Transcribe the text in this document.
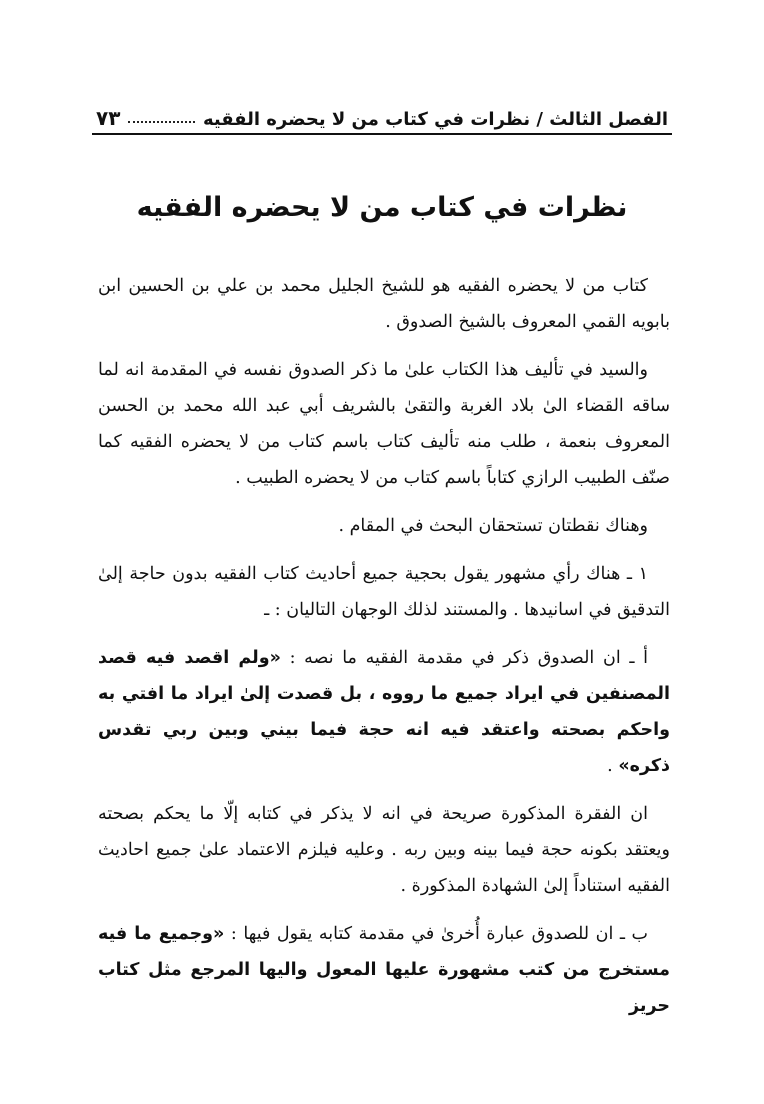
الفصل الثالث / نظرات في كتاب من لا يحضره الفقيه
٧٣
نظرات في كتاب من لا يحضره الفقيه

كتاب من لا يحضره الفقيه هو للشيخ الجليل محمد بن علي بن الحسين ابن بابويه القمي المعروف بالشيخ الصدوق .

والسيد في تأليف هذا الكتاب علىٰ ما ذكر الصدوق نفسه في المقدمة انه لما ساقه القضاء الىٰ بلاد الغربة والتقىٰ بالشريف أبي عبد الله محمد بن الحسن المعروف بنعمة ، طلب منه تأليف كتاب باسم كتاب من لا يحضره الفقيه كما صنّف الطبيب الرازي كتاباً باسم كتاب من لا يحضره الطبيب .

وهناك نقطتان تستحقان البحث في المقام .

١ ـ هناك رأي مشهور يقول بحجية جميع أحاديث كتاب الفقيه بدون حاجة إلىٰ التدقيق في اسانيدها . والمستند لذلك الوجهان التاليان : ـ

أ ـ ان الصدوق ذكر في مقدمة الفقيه ما نصه : «ولم اقصد فيه قصد المصنفين في ايراد جميع ما رووه ، بل قصدت إلىٰ ايراد ما افتي به واحكم بصحته واعتقد فيه انه حجة فيما بيني وبين ربي تقدس ذكره» .

ان الفقرة المذكورة صريحة في انه لا يذكر في كتابه إلّا ما يحكم بصحته ويعتقد بكونه حجة فيما بينه وبين ربه . وعليه فيلزم الاعتماد علىٰ جميع احاديث الفقيه استناداً إلىٰ الشهادة المذكورة .

ب ـ ان للصدوق عبارة أُخرىٰ في مقدمة كتابه يقول فيها : «وجميع ما فيه مستخرج من كتب مشهورة عليها المعول واليها المرجع مثل كتاب حريز
